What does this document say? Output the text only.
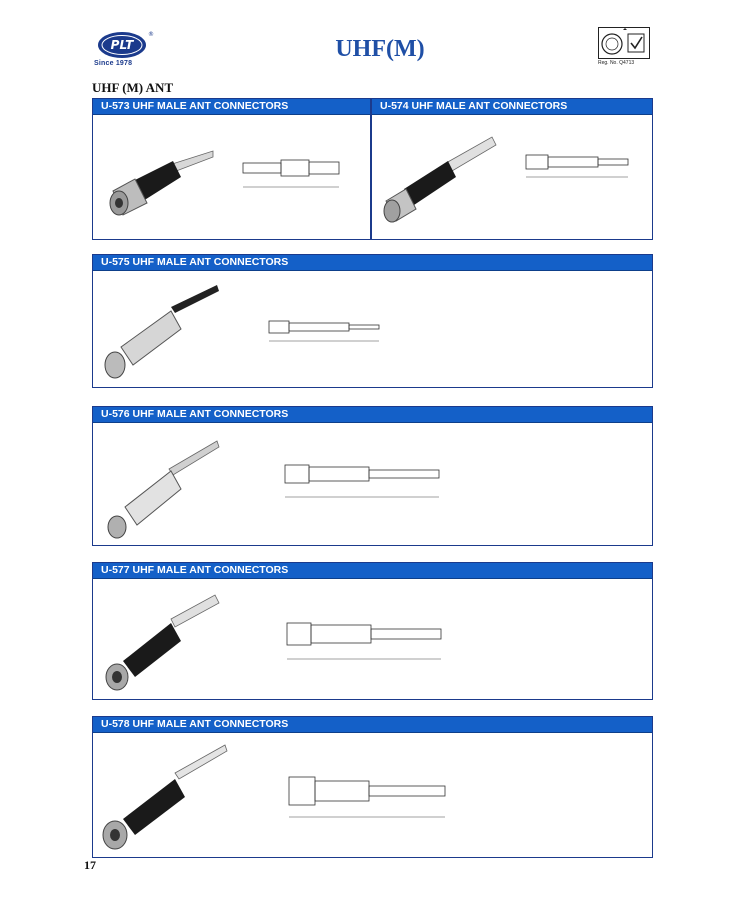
PLT
®
Since 1978
UHF(M)
Reg. No. Q4713
UHF (M) ANT
U-573 UHF MALE ANT CONNECTORS	U-574 UHF MALE ANT CONNECTORS
U-575 UHF MALE ANT CONNECTORS
U-576 UHF MALE ANT CONNECTORS
U-577 UHF MALE ANT CONNECTORS
U-578 UHF MALE ANT CONNECTORS
17
